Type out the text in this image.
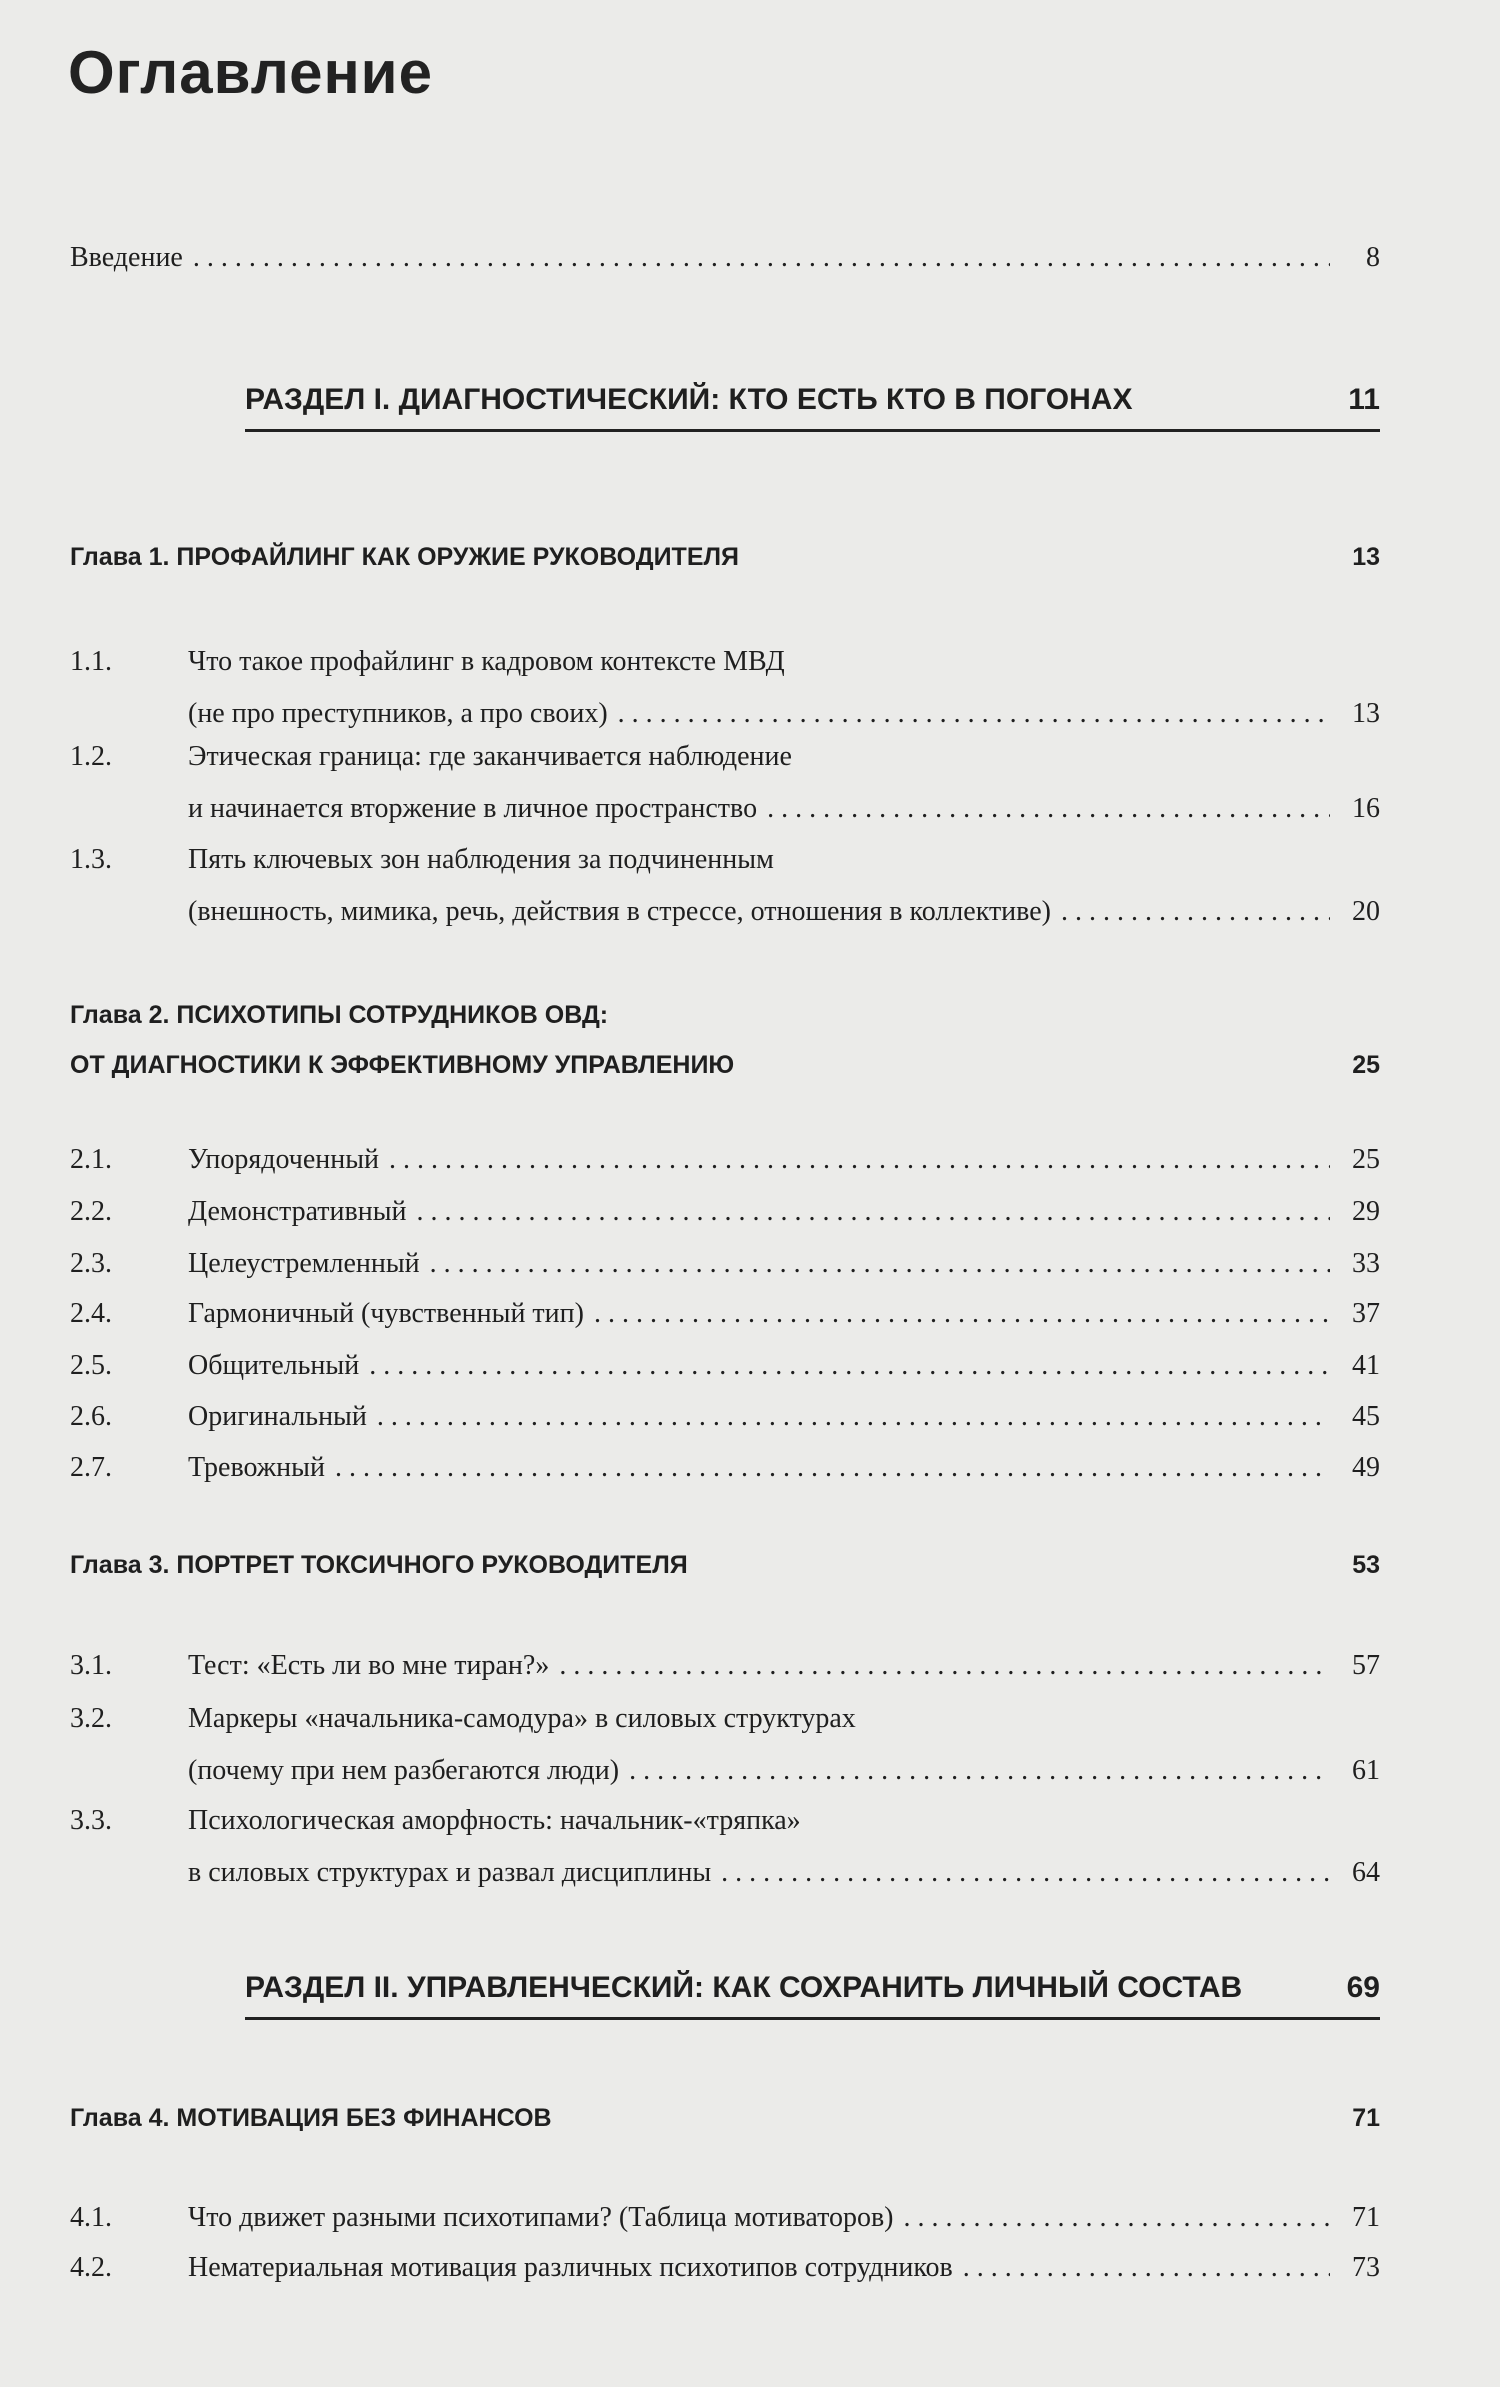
Оглавление
Введение . . .	8
РАЗДЕЛ I. ДИАГНОСТИЧЕСКИЙ: КТО ЕСТЬ КТО В ПОГОНАХ	11
Глава 1. ПРОФАЙЛИНГ КАК ОРУЖИЕ РУКОВОДИТЕЛЯ	13
1.1.	Что такое профайлинг в кадровом контексте МВД
(не про преступников, а про своих) . . .	13
1.2.	Этическая граница: где заканчивается наблюдение
и начинается вторжение в личное пространство . . .	16
1.3.	Пять ключевых зон наблюдения за подчиненным
(внешность, мимика, речь, действия в стрессе, отношения в коллективе) . . .	20
Глава 2. ПСИХОТИПЫ СОТРУДНИКОВ ОВД:
ОТ ДИАГНОСТИКИ К ЭФФЕКТИВНОМУ УПРАВЛЕНИЮ	25
2.1.	Упорядоченный . . .	25
2.2.	Демонстративный . . .	29
2.3.	Целеустремленный . . .	33
2.4.	Гармоничный (чувственный тип) . . .	37
2.5.	Общительный . . .	41
2.6.	Оригинальный . . .	45
2.7.	Тревожный . . .	49
Глава 3. ПОРТРЕТ ТОКСИЧНОГО РУКОВОДИТЕЛЯ	53
3.1.	Тест: «Есть ли во мне тиран?» . . .	57
3.2.	Маркеры «начальника-самодура» в силовых структурах
(почему при нем разбегаются люди) . . .	61
3.3.	Психологическая аморфность: начальник-«тряпка»
в силовых структурах и развал дисциплины . . .	64
РАЗДЕЛ II. УПРАВЛЕНЧЕСКИЙ: КАК СОХРАНИТЬ ЛИЧНЫЙ СОСТАВ	69
Глава 4. МОТИВАЦИЯ БЕЗ ФИНАНСОВ	71
4.1.	Что движет разными психотипами? (Таблица мотиваторов) . . .	71
4.2.	Нематериальная мотивация различных психотипов сотрудников . . .	73
